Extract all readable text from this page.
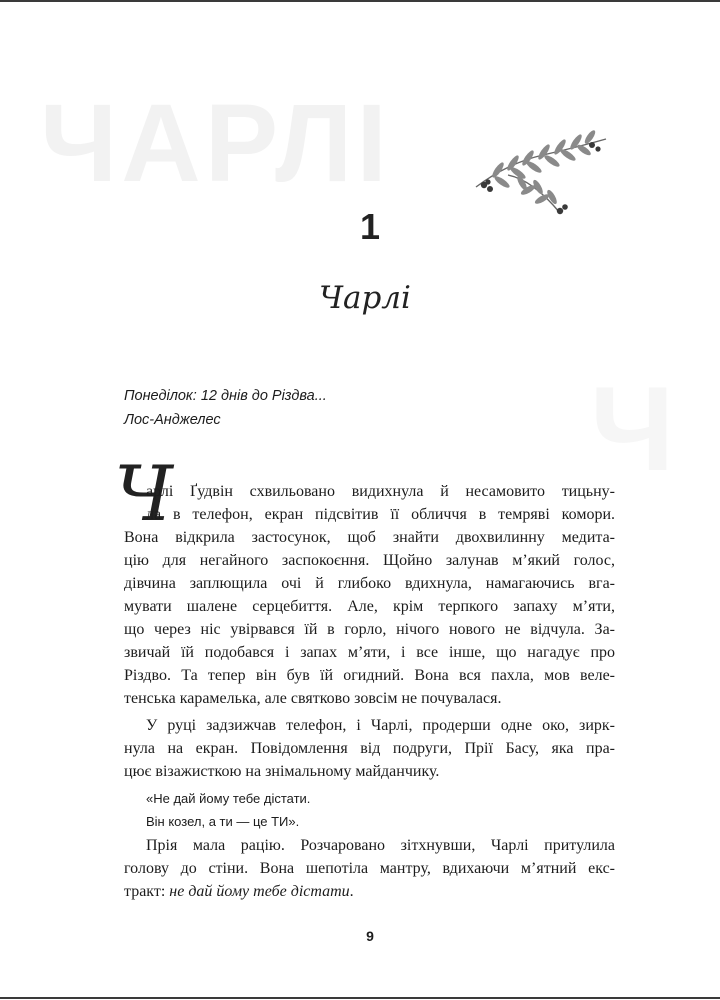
ЧАРЛІ
Ч
1
Чарлі
Понеділок: 12 днів до Різдва...
Лос-Анджелес
Ч
арлі Ґудвін схвильовано видихнула й несамовито тицьну-
ла в телефон, екран підсвітив її обличчя в темряві комори.
Вона відкрила застосунок, щоб знайти двохвилинну медита-
цію для негайного заспокоєння. Щойно залунав м’який голос,
дівчина заплющила очі й глибоко вдихнула, намагаючись вга-
мувати шалене серцебиття. Але, крім терпкого запаху м’яти,
що через ніс увірвався їй в горло, нічого нового не відчула. За-
звичай їй подобався і запах м’яти, і все інше, що нагадує про
Різдво. Та тепер він був їй огидний. Вона вся пахла, мов веле-
тенська карамелька, але святково зовсім не почувалася.
У руці задзижчав телефон, і Чарлі, продерши одне око, зирк-
нула на екран. Повідомлення від подруги, Прії Басу, яка пра-
цює візажисткою на знімальному майданчику.
«Не дай йому тебе дістати.
Він козел, а ти — це ТИ».
Прія мала рацію. Розчаровано зітхнувши, Чарлі притулила
голову до стіни. Вона шепотіла мантру, вдихаючи м’ятний екс-
тракт: не дай йому тебе дістати.
9
